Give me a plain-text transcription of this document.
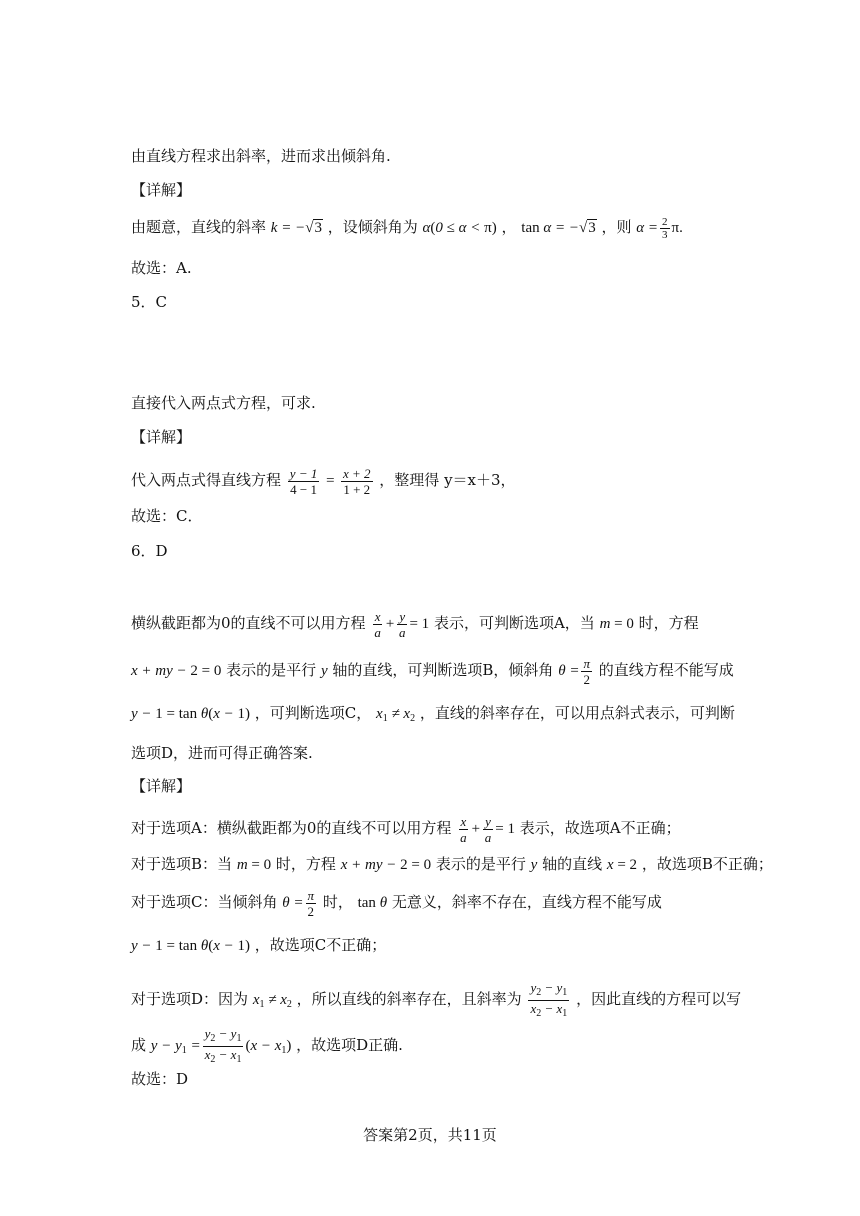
由直线方程求出斜率，进而求出倾斜角.
【详解】
由题意，直线的斜率 k = −√3 ，设倾斜角为 α(0 ≤ α < π) ， tan α = −√3 ，则 $\alpha = \frac{2}{3} \pi$.
故选：A.
5．C
直接代入两点式方程，可求.
【详解】
代入两点式得直线方程 $\frac{y - 1}{4 - 1} = \frac{x + 2}{1 + 2}$ ，整理得 y＝x＋3，
故选：C．
6．D
横纵截距都为0的直线不可以用方程 $\frac{x}{a} + \frac{y}{a} = 1$ 表示，可判断选项A，当 m = 0 时，方程
x + my − 2 = 0 表示的是平行 y 轴的直线，可判断选项B，倾斜角 $\theta = \frac{\pi}{2}$ 的直线方程不能写成
y − 1 = tan θ(x − 1) ，可判断选项C， $x_1 \ne x_2$ ，直线的斜率存在，可以用点斜式表示，可判断
选项D，进而可得正确答案.
【详解】
对于选项A：横纵截距都为0的直线不可以用方程 $\frac{x}{a} + \frac{y}{a} = 1$ 表示，故选项A不正确；
对于选项B：当 m = 0 时，方程 x + my − 2 = 0 表示的是平行 y 轴的直线 x = 2 ，故选项B不正确；
对于选项C：当倾斜角 $\theta = \frac{\pi}{2}$ 时， tan θ 无意义，斜率不存在，直线方程不能写成
y − 1 = tan θ(x − 1) ，故选项C不正确；
对于选项D：因为 $x_1 \ne x_2$ ，所以直线的斜率存在，且斜率为 $\frac{y_2 - y_1}{x_2 - x_1}$ ，因此直线的方程可以写
成 $y - y_1 = \frac{y_2 - y_1}{x_2 - x_1} (x - x_1)$ ，故选项D正确.
故选：D
答案第2页，共11页
